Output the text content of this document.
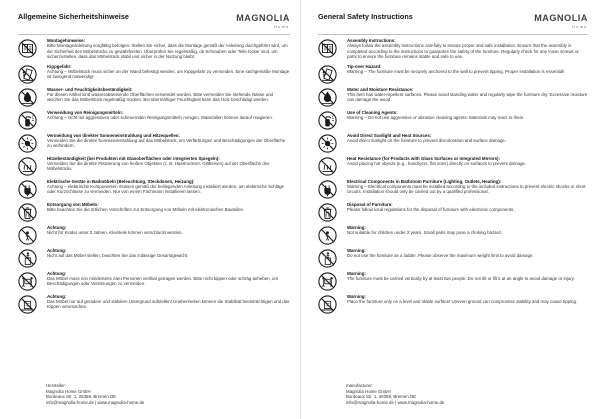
Allgemeine Sicherheitshinweise	MAGNOLIA
Home
Montagehinweise:
Bitte Montageanleitung sorgfältig befolgen. Stellen Sie sicher, dass die Montage gemäß der Anleitung durchgeführt wird, um die Sicherheit des Möbelstücks zu gewährleisten. Überprüfen Sie regelmäßig, ob Schrauben oder Teile locker sind, um sicherzustellen, dass das Möbelstück stabil und sicher in der Nutzung bleibt.
Kippgefahr:
Achtung – Möbelstück muss sicher an der Wand befestigt werden, um Kippgefahr zu vermeiden. Eine sachgemäße Montage ist zwingend notwendig!
Wasser- und Feuchtigkeitsbeständigkeit:
Für diesen Artikel sind wasserabweisende Oberflächen verwendet worden. Bitte vermeiden Sie stehende Nässe und wischen Sie das Möbelstück regelmäßig trocken. Bei übermäßiger Feuchtigkeit kann das Holz beschädigt werden.
Verwendung von Reinigungsmitteln:
Achtung – nicht mit aggressiven oder scheuernden Reinigungsmitteln reinigen. Materialien können darauf reagieren.
Vermeidung von direkter Sonneneinstrahlung und Hitzequellen:
Vermeiden Sie die direkte Sonneneinstrahlung auf das Möbelstück, um Verfärbungen und Beschädigungen der Oberfläche zu verhindern.
Hitzebeständigkeit (bei Produkten mit Glasoberflächen oder integrierten Spiegeln):
Vermeiden Sie die direkte Platzierung von heißen Objekten (z. B. Haartrockner, Glätteisen) auf der Oberfläche des Möbelstücks.
Elektrische Geräte in Badmöbeln (Beleuchtung, Steckdosen, Heizung):
Achtung – elektrische Komponenten müssen gemäß der beiliegenden Anleitung installiert werden, um elektrische Schläge oder Kurzschlüsse zu vermeiden. Nur von einem Fachmann installieren lassen.
Entsorgung von Möbeln:
Bitte beachten Sie die örtlichen Vorschriften zur Entsorgung von Möbeln mit elektronischen Bauteilen.
Achtung:
Nicht für Kinder unter 3 Jahren. Kleinteile können verschluckt werden.
Achtung:
Nicht auf das Möbel stellen, beachten Sie das zulässige Gesamtgewicht.
Achtung:
Das Möbel muss von mindestens zwei Personen vertikal getragen werden. Bitte nicht kippen oder schräg anheben, um Beschädigungen oder Verletzungen zu vermeiden.
Achtung:
Das Möbel nur auf geradem und stabilem Untergrund aufstellen! Unebenheiten können die Stabilität beeinträchtigen und das Kippen verursachen.
Hersteller:
Magnolia Home GmbH
Bordeaux Str. 1, 28359, Bremen DE
info@magnolia-home.de | www.magnolia-home.de
General Safety Instructions	MAGNOLIA
Home
Assembly Instructions:
Always follow the assembly instructions carefully to ensure proper and safe installation. Ensure that the assembly is completed according to the instructions to guarantee the safety of the furniture. Regularly check for any loose screws or parts to ensure the furniture remains stable and safe to use.
Tip-over Hazard:
Warning – The furniture must be securely anchored to the wall to prevent tipping. Proper installation is essential!
Water and Moisture Resistance:
This item has water-repellent surfaces. Please avoid standing water and regularly wipe the furniture dry. Excessive moisture can damage the wood.
Use of Cleaning Agents:
Warning – Do not use aggressive or abrasive cleaning agents. Materials may react to them.
Avoid Direct Sunlight and Heat Sources:
Avoid direct sunlight on the furniture to prevent discoloration and surface damage.
Heat Resistance (for Products with Glass Surfaces or Integrated Mirrors):
Avoid placing hot objects (e.g., hairdryers, flat irons) directly on surfaces to prevent damage.
Electrical Components in Bathroom Furniture (Lighting, Outlets, Heating):
Warning – Electrical components must be installed according to the included instructions to prevent electric shocks or short circuits. Installation should only be carried out by a qualified professional.
Disposal of Furniture:
Please follow local regulations for the disposal of furniture with electronic components.
Warning:
Not suitable for children under 3 years. Small parts may pose a choking hazard.
Warning:
Do not use the furniture as a ladder. Please observe the maximum weight limit to avoid damage.
Warning:
The furniture must be carried vertically by at least two people. Do not tilt or lift it at an angle to avoid damage or injury.
Warning:
Place the furniture only on a level and stable surface! Uneven ground can compromise stability and may cause tipping.
manufacturer:
Magnolia Home GmbH
Bordeaux Str. 1, 28359, Bremen DE
info@magnolia-home.de | www.magnolia-home.de
